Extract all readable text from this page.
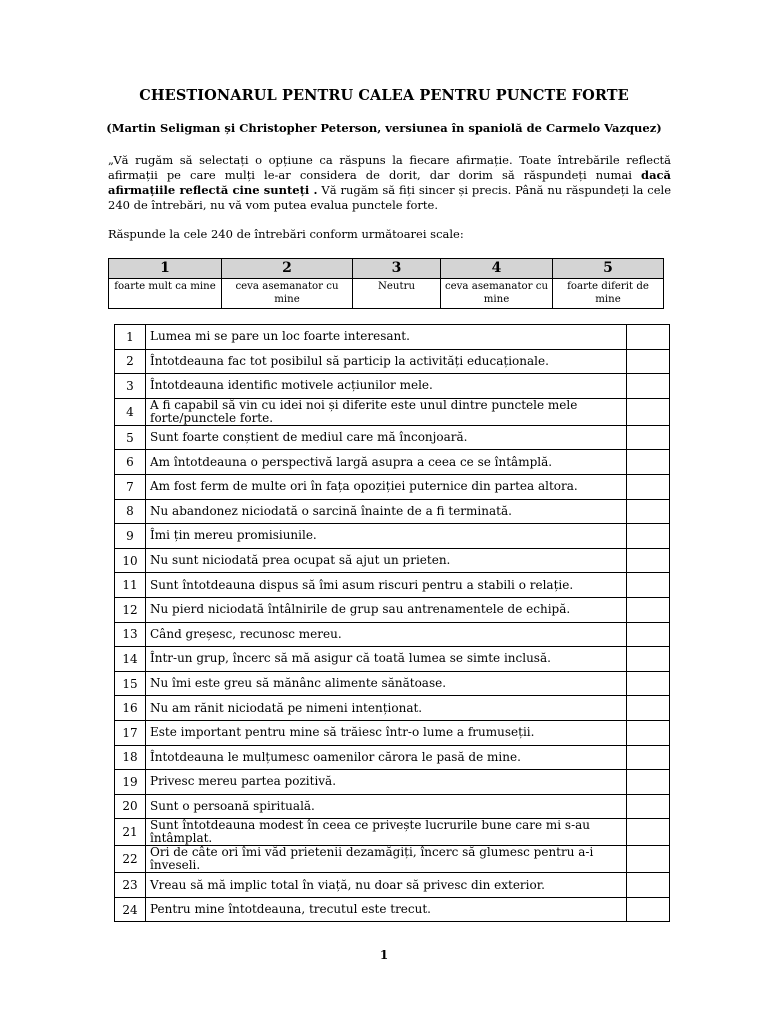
CHESTIONARUL PENTRU CALEA PENTRU PUNCTE FORTE
(Martin Seligman și Christopher Peterson, versiunea în spaniolă de Carmelo Vazquez)
„Vă rugăm să selectați o opțiune ca răspuns la fiecare afirmație. Toate întrebările reflectă afirmații pe care mulți le-ar considera de dorit, dar dorim să răspundeți numai dacă afirmațiile reflectă cine sunteți . Vă rugăm să fiți sincer și precis. Până nu răspundeți la cele 240 de întrebări, nu vă vom putea evalua punctele forte.
Răspunde la cele 240 de întrebări conform următoarei scale:
1	2	3	4	5
foarte mult ca mine	ceva asemanator cu mine	Neutru	ceva asemanator cu mine	foarte diferit de mine
1	Lumea mi se pare un loc foarte interesant.	
2	Întotdeauna fac tot posibilul să particip la activități educaționale.	
3	Întotdeauna identific motivele acțiunilor mele.	
4	A fi capabil să vin cu idei noi și diferite este unul dintre punctele mele forte/punctele forte.	
5	Sunt foarte conștient de mediul care mă înconjoară.	
6	Am întotdeauna o perspectivă largă asupra a ceea ce se întâmplă.	
7	Am fost ferm de multe ori în fața opoziției puternice din partea altora.	
8	Nu abandonez niciodată o sarcină înainte de a fi terminată.	
9	Îmi țin mereu promisiunile.	
10	Nu sunt niciodată prea ocupat să ajut un prieten.	
11	Sunt întotdeauna dispus să îmi asum riscuri pentru a stabili o relație.	
12	Nu pierd niciodată întâlnirile de grup sau antrenamentele de echipă.	
13	Când greșesc, recunosc mereu.	
14	Într-un grup, încerc să mă asigur că toată lumea se simte inclusă.	
15	Nu îmi este greu să mănânc alimente sănătoase.	
16	Nu am rănit niciodată pe nimeni intenționat.	
17	Este important pentru mine să trăiesc într-o lume a frumuseții.	
18	Întotdeauna le mulțumesc oamenilor cărora le pasă de mine.	
19	Privesc mereu partea pozitivă.	
20	Sunt o persoană spirituală.	
21	Sunt întotdeauna modest în ceea ce privește lucrurile bune care mi s-au întâmplat.	
22	Ori de câte ori îmi văd prietenii dezamăgiți, încerc să glumesc pentru a-i înveseli.	
23	Vreau să mă implic total în viață, nu doar să privesc din exterior.	
24	Pentru mine întotdeauna, trecutul este trecut.	
1
